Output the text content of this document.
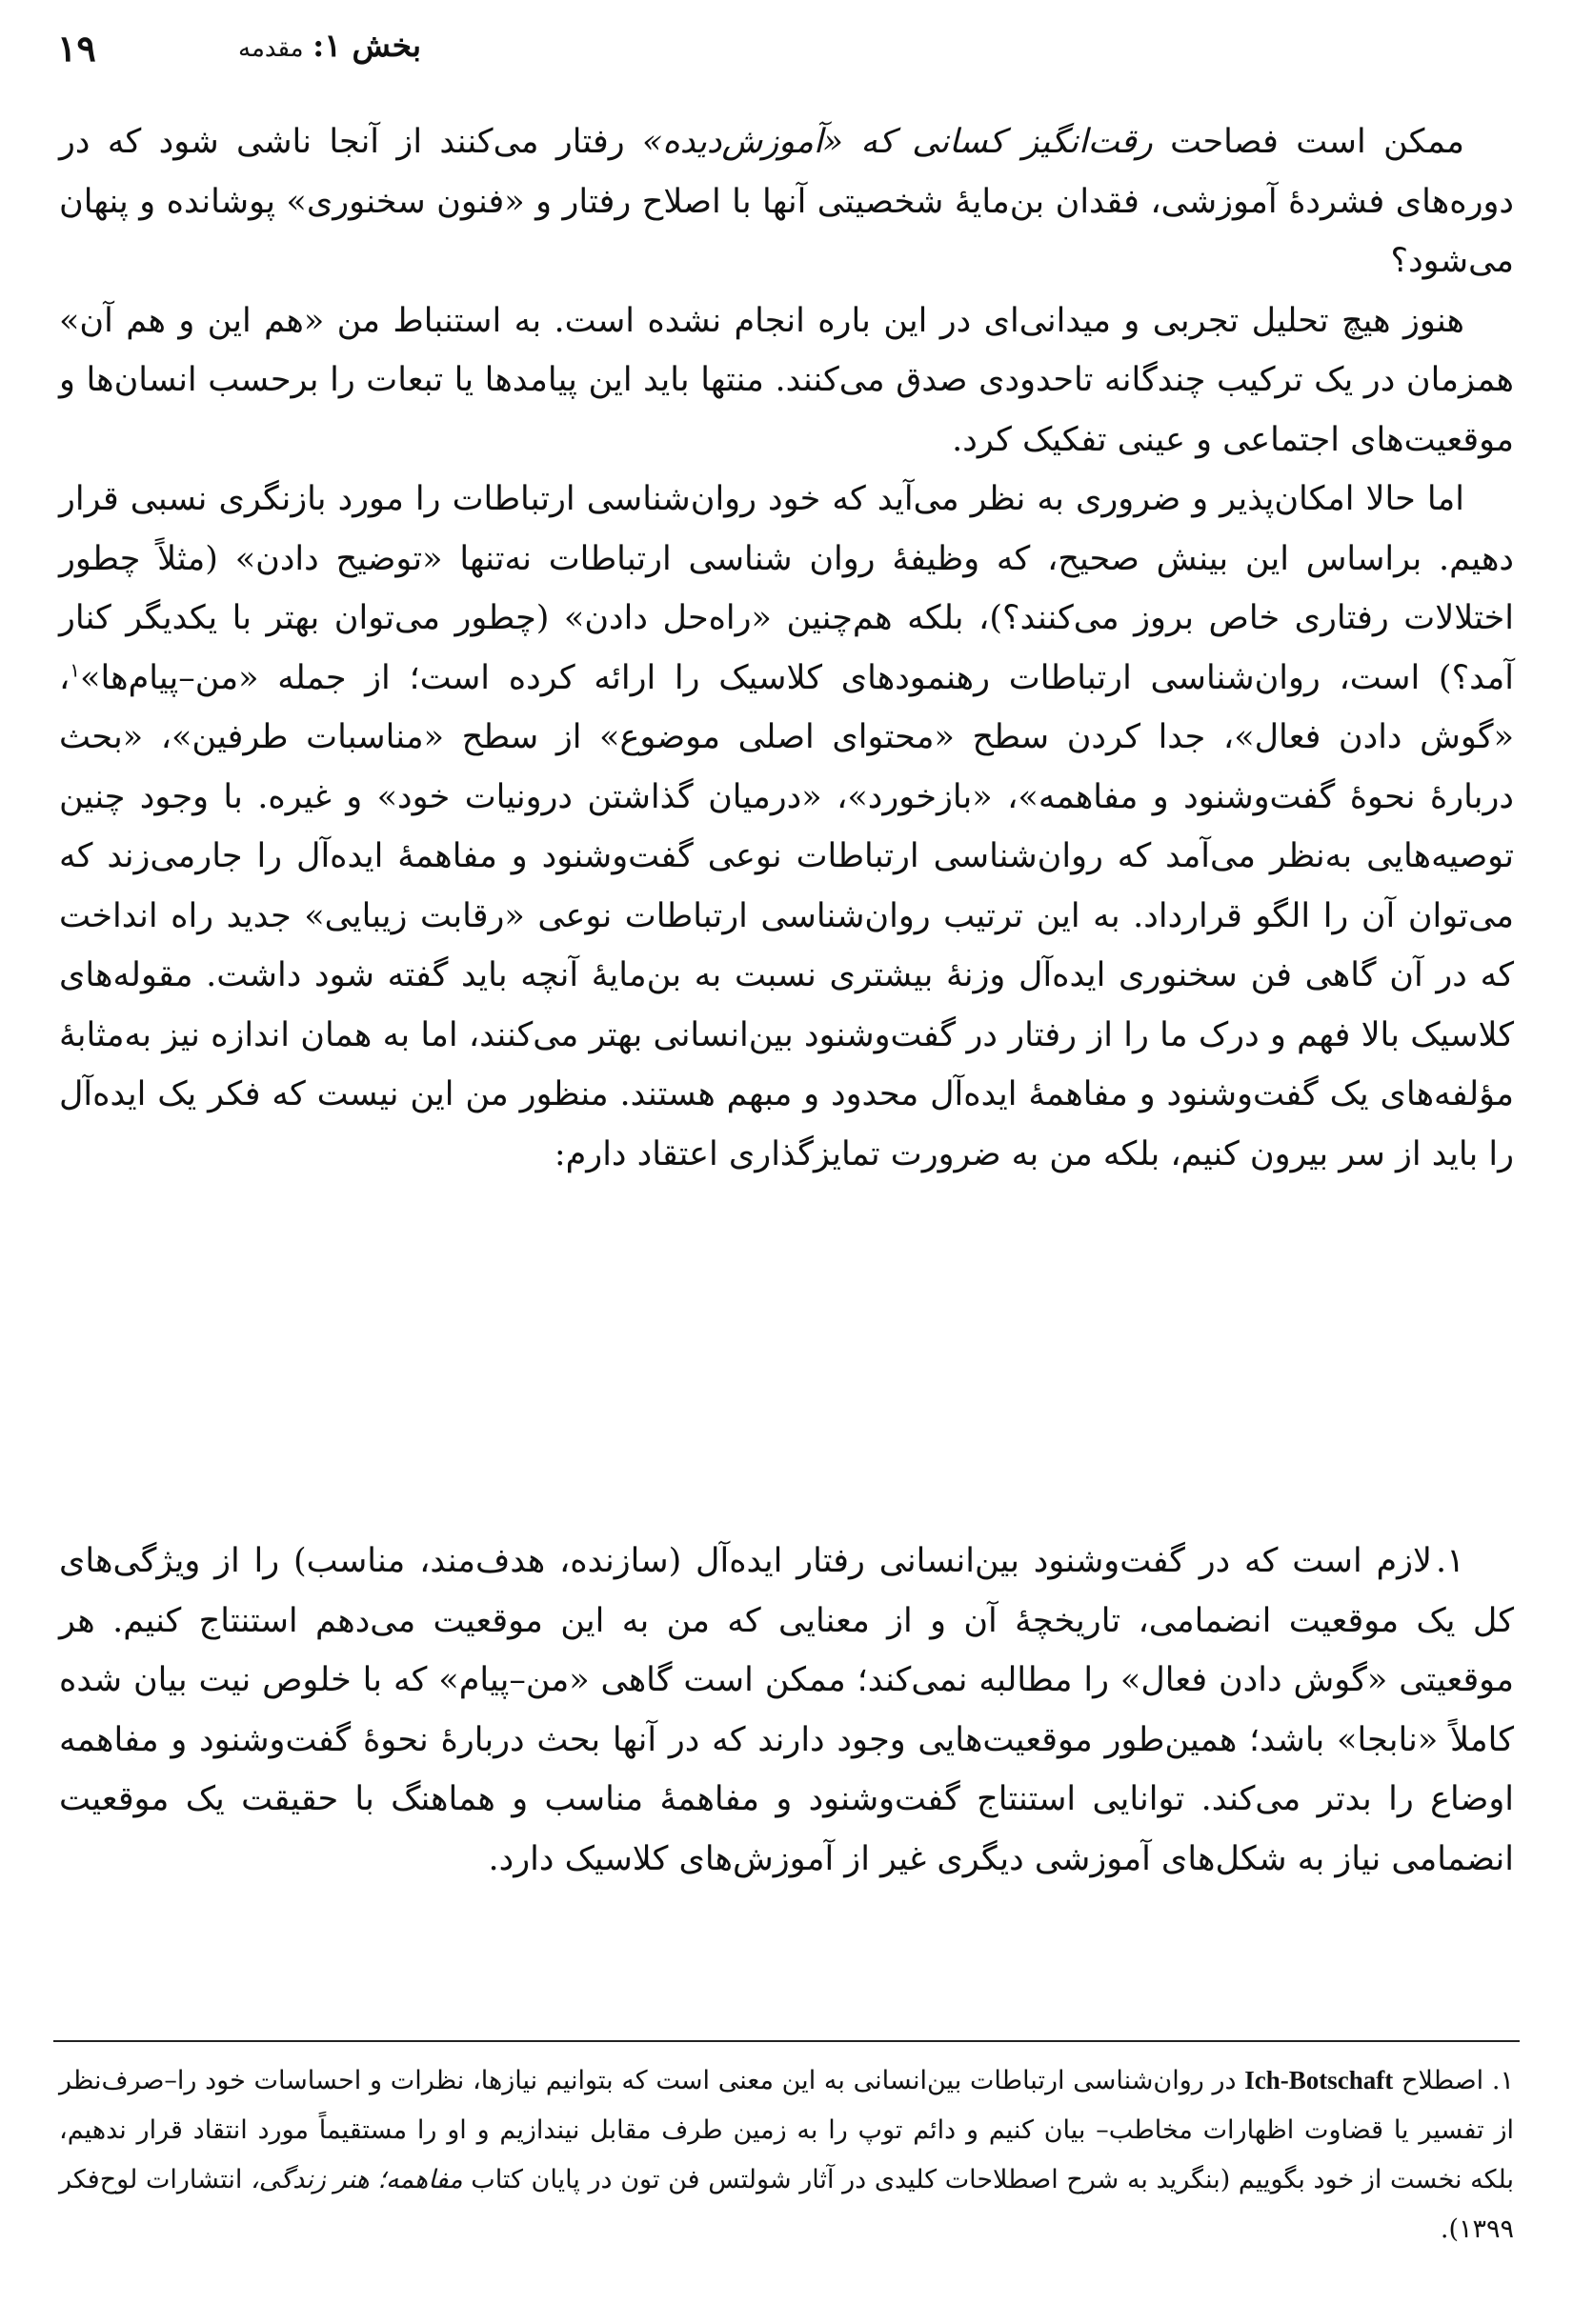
۱۹	بخش ۱: مقدمه

ممکن است فصاحت رقت‌انگیز کسانی که «آموزش‌دیده» رفتار می‌کنند از آنجا ناشی شود که در دوره‌های فشردهٔ آموزشی، فقدان بن‌مایهٔ شخصیتی آنها با اصلاح رفتار و «فنون سخنوری» پوشانده و پنهان می‌شود؟

هنوز هیچ تحلیل تجربی و میدانی‌ای در این باره انجام نشده است. به استنباط من «هم این و هم آن» همزمان در یک ترکیب چندگانه تاحدودی صدق می‌کنند. منتها باید این پیامدها یا تبعات را برحسب انسان‌ها و موقعیت‌های اجتماعی و عینی تفکیک کرد.

اما حالا امکان‌پذیر و ضروری به نظر می‌آید که خود روان‌شناسی ارتباطات را مورد بازنگری نسبی قرار دهیم. براساس این بینش صحیح، که وظیفهٔ روان شناسی ارتباطات نه‌تنها «توضیح دادن» (مثلاً چطور اختلالات رفتاری خاص بروز می‌کنند؟)، بلکه هم‌چنین «راه‌حل دادن» (چطور می‌توان بهتر با یکدیگر کنار آمد؟) است، روان‌شناسی ارتباطات رهنمودهای کلاسیک را ارائه کرده است؛ از جمله «من–پیام‌ها»$^۱$، «گوش دادن فعال»، جدا کردن سطح «محتوای اصلی موضوع» از سطح «مناسبات طرفین»، «بحث دربارهٔ نحوهٔ گفت‌وشنود و مفاهمه»، «بازخورد»، «درمیان گذاشتن درونیات خود» و غیره. با وجود چنین توصیه‌هایی به‌نظر می‌آمد که روان‌شناسی ارتباطات نوعی گفت‌وشنود و مفاهمهٔ ایده‌آل را جارمی‌زند که می‌توان آن را الگو قرارداد. به این ترتیب روان‌شناسی ارتباطات نوعی «رقابت زیبایی» جدید راه انداخت که در آن گاهی فن سخنوری ایده‌آل وزنهٔ بیشتری نسبت به بن‌مایهٔ آنچه باید گفته شود داشت. مقوله‌های کلاسیک بالا فهم و درک ما را از رفتار در گفت‌وشنود بین‌انسانی بهتر می‌کنند، اما به همان اندازه نیز به‌مثابهٔ مؤلفه‌های یک گفت‌وشنود و مفاهمهٔ ایده‌آل محدود و مبهم هستند. منظور من این نیست که فکر یک ایده‌آل را باید از سر بیرون کنیم، بلکه من به ضرورت تمایزگذاری اعتقاد دارم:

۱.لازم است که در گفت‌وشنود بین‌انسانی رفتار ایده‌آل (سازنده، هدف‌مند، مناسب) را از ویژگی‌های کل یک موقعیت انضمامی، تاریخچهٔ آن و از معنایی که من به این موقعیت می‌دهم استنتاج کنیم. هر موقعیتی «گوش دادن فعال» را مطالبه نمی‌کند؛ ممکن است گاهی «من–پیام» که با خلوص نیت بیان شده کاملاً «نابجا» باشد؛ همین‌طور موقعیت‌هایی وجود دارند که در آنها بحث دربارهٔ نحوهٔ گفت‌وشنود و مفاهمه اوضاع را بدتر می‌کند. توانایی استنتاج گفت‌وشنود و مفاهمهٔ مناسب و هماهنگ با حقیقت یک موقعیت انضمامی نیاز به شکل‌های آموزشی دیگری غیر از آموزش‌های کلاسیک دارد.
۱. اصطلاح Ich-Botschaft در روان‌شناسی ارتباطات بین‌انسانی به این معنی است که بتوانیم نیازها، نظرات و احساسات خود را–صرف‌نظر از تفسیر یا قضاوت اظهارات مخاطب– بیان کنیم و دائم توپ را به زمین طرف مقابل نیندازیم و او را مستقیماً مورد انتقاد قرار ندهیم، بلکه نخست از خود بگوییم (بنگرید به شرح اصطلاحات کلیدی در آثار شولتس فن تون در پایان کتاب مفاهمه؛ هنر زندگی، انتشارات لوح‌فکر ۱۳۹۹).
